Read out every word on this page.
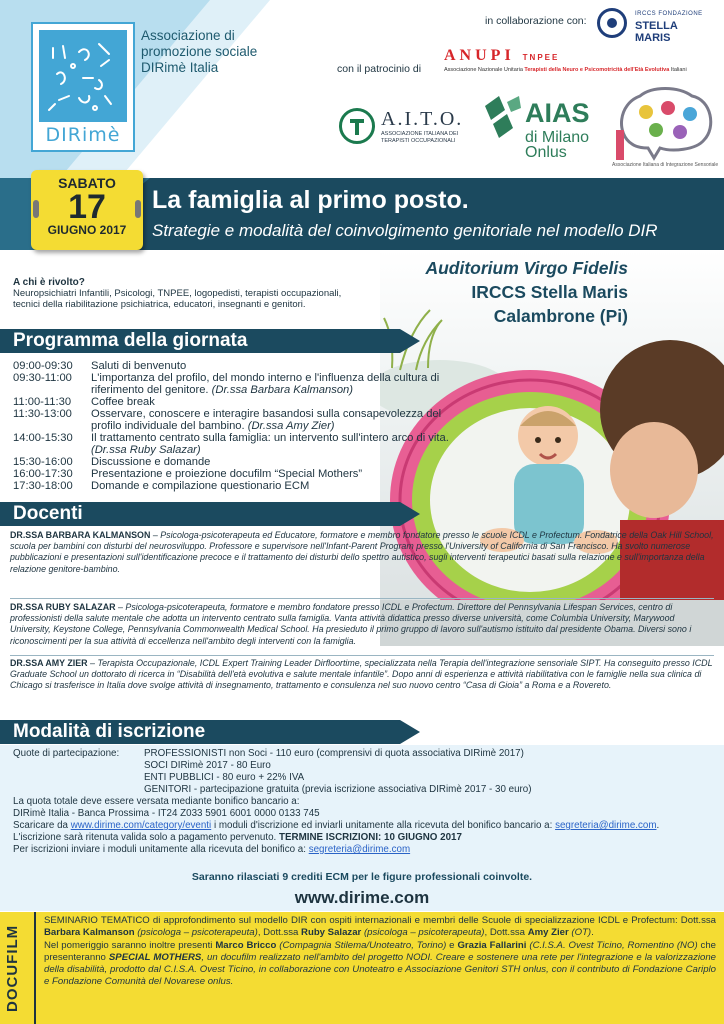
DIRimè
Associazione di
promozione sociale
DIRimè Italia
in collaborazione con:
IRCCS FONDAZIONE
STELLA MARIS
con il patrocinio di
ANUPI TNPEE
Associazione Nazionale Unitaria Terapisti della Neuro e Psicomotricità dell'Età Evolutiva Italiani
A.I.T.O.
ASSOCIAZIONE ITALIANA DEI
TERAPISTI OCCUPAZIONALI
AIAS
di Milano
Onlus
Associazione Italiana di Integrazione Sensoriale
SABATO
17
GIUGNO 2017
La famiglia al primo posto.
Strategie e modalità del coinvolgimento genitoriale nel modello DIR
Auditorium Virgo Fidelis
IRCCS Stella Maris
Calambrone (Pi)
A chi è rivolto?
Neuropsichiatri Infantili, Psicologi, TNPEE, logopedisti, terapisti occupazionali, tecnici della riabilitazione psichiatrica, educatori, insegnanti e genitori.
Programma della giornata
09:00-09:30	Saluti di benvenuto
09:30-11:00	L'importanza del profilo, del mondo interno e l'influenza della cultura di riferimento del genitore. (Dr.ssa Barbara Kalmanson)
11:00-11:30	Coffee break
11:30-13:00	Osservare, conoscere e interagire basandosi sulla consapevolezza del profilo individuale del bambino. (Dr.ssa Amy Zier)
14:00-15:30	Il trattamento centrato sulla famiglia: un intervento sull'intero arco di vita. (Dr.ssa Ruby Salazar)
15:30-16:00	Discussione e domande
16:00-17:30	Presentazione e proiezione docufilm “Special Mothers”
17:30-18:00	Domande e compilazione questionario ECM
Docenti
DR.SSA BARBARA KALMANSON – Psicologa-psicoterapeuta ed Educatore, formatore e membro fondatore presso le scuole ICDL e Profectum. Fondatrice della Oak Hill School, scuola per bambini con disturbi del neurosviluppo. Professore e supervisore nell'Infant-Parent Program presso l'University of California di San Francisco. Ha svolto numerose pubblicazioni e presentazioni sull'identificazione precoce e il trattamento dei disturbi dello spettro autistico, sugli interventi terapeutici basati sulla relazione e sull'importanza della relazione genitore-bambino.
DR.SSA RUBY SALAZAR – Psicologa-psicoterapeuta, formatore e membro fondatore presso ICDL e Profectum. Direttore del Pennsylvania Lifespan Services, centro di professionisti della salute mentale che adotta un intervento centrato sulla famiglia. Vanta attività didattica presso diverse università, come Columbia University, Marywood University, Keystone College, Pennsylvania Commonwealth Medical School. Ha presieduto il primo gruppo di lavoro sull'autismo istituito dal presidente Obama. Diversi sono i riconoscimenti per la sua attività di eccellenza nell'ambito degli interventi con la famiglia.
DR.SSA AMY ZIER – Terapista Occupazionale, ICDL Expert Training Leader Dirfloortime, specializzata nella Terapia dell'integrazione sensoriale SIPT. Ha conseguito presso ICDL Graduate School un dottorato di ricerca in “Disabilità dell'età evolutiva e salute mentale infantile”. Dopo anni di esperienza e attività riabilitativa con le famiglie nella sua clinica di Chicago si trasferisce in Italia dove svolge attività di insegnamento, trattamento e consulenza nel suo nuovo centro “Casa di Gioia” a Roma e a Rovereto.
Modalità di iscrizione
Quote di partecipazione:	PROFESSIONISTI non Soci - 110 euro (comprensivi di quota associativa DIRimè 2017)
SOCI DIRimè 2017 - 80 Euro
ENTI PUBBLICI - 80 euro + 22% IVA
GENITORI - partecipazione gratuita (previa iscrizione associativa DIRimè 2017 - 30 euro)
La quota totale deve essere versata mediante bonifico bancario a:
DIRimè Italia - Banca Prossima - IT24 Z033 5901 6001 0000 0133 745
Scaricare da www.dirime.com/category/eventi i moduli d'iscrizione ed inviarli unitamente alla ricevuta del bonifico bancario a: segreteria@dirime.com.
L'iscrizione sarà ritenuta valida solo a pagamento pervenuto. TERMINE ISCRIZIONI: 10 GIUGNO 2017
Per iscrizioni inviare i moduli unitamente alla ricevuta del bonifico a: segreteria@dirime.com
Saranno rilasciati 9 crediti ECM per le figure professionali coinvolte.
www.dirime.com
DOCUFILM
SEMINARIO TEMATICO di approfondimento sul modello DIR con ospiti internazionali e membri delle Scuole di specializzazione ICDL e Profectum: Dott.ssa Barbara Kalmanson (psicologa – psicoterapeuta), Dott.ssa Ruby Salazar (psicologa – psicoterapeuta), Dott.ssa Amy Zier (OT).
Nel pomeriggio saranno inoltre presenti Marco Bricco (Compagnia Stilema/Unoteatro, Torino) e Grazia Fallarini (C.I.S.A. Ovest Ticino, Romentino (NO) che presenteranno SPECIAL MOTHERS, un docufilm realizzato nell'ambito del progetto NODI. Creare e sostenere una rete per l'integrazione e la valorizzazione della disabilità, prodotto dal C.I.S.A. Ovest Ticino, in collaborazione con Unoteatro e Associazione Genitori STH onlus, con il contributo di Fondazione Cariplo e Fondazione Comunità del Novarese onlus.
